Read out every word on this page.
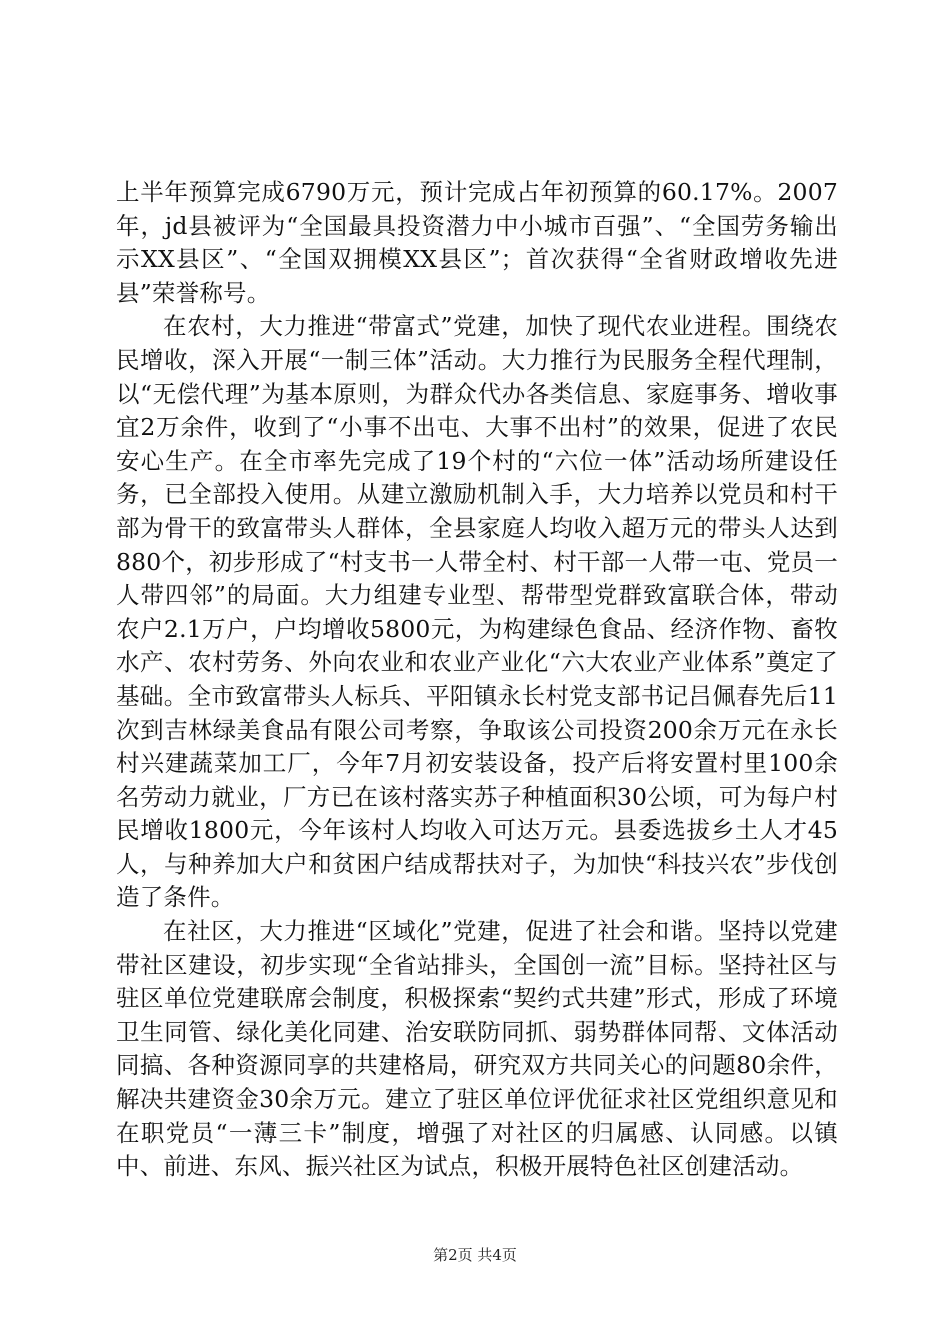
上半年预算完成6790万元，预计完成占年初预算的60.17%。2007年，jd县被评为“全国最具投资潜力中小城市百强”、“全国劳务输出示XX县区”、“全国双拥模XX县区”；首次获得“全省财政增收先进县”荣誉称号。

在农村，大力推进“带富式”党建，加快了现代农业进程。围绕农民增收，深入开展“一制三体”活动。大力推行为民服务全程代理制，以“无偿代理”为基本原则，为群众代办各类信息、家庭事务、增收事宜2万余件，收到了“小事不出屯、大事不出村”的效果，促进了农民安心生产。在全市率先完成了19个村的“六位一体”活动场所建设任务，已全部投入使用。从建立激励机制入手，大力培养以党员和村干部为骨干的致富带头人群体，全县家庭人均收入超万元的带头人达到880个，初步形成了“村支书一人带全村、村干部一人带一屯、党员一人带四邻”的局面。大力组建专业型、帮带型党群致富联合体，带动农户2.1万户，户均增收5800元，为构建绿色食品、经济作物、畜牧水产、农村劳务、外向农业和农业产业化“六大农业产业体系”奠定了基础。全市致富带头人标兵、平阳镇永长村党支部书记吕佩春先后11次到吉林绿美食品有限公司考察，争取该公司投资200余万元在永长村兴建蔬菜加工厂，今年7月初安装设备，投产后将安置村里100余名劳动力就业，厂方已在该村落实苏子种植面积30公顷，可为每户村民增收1800元，今年该村人均收入可达万元。县委选拔乡土人才45人，与种养加大户和贫困户结成帮扶对子，为加快“科技兴农”步伐创造了条件。

在社区，大力推进“区域化”党建，促进了社会和谐。坚持以党建带社区建设，初步实现“全省站排头，全国创一流”目标。坚持社区与驻区单位党建联席会制度，积极探索“契约式共建”形式，形成了环境卫生同管、绿化美化同建、治安联防同抓、弱势群体同帮、文体活动同搞、各种资源同享的共建格局，研究双方共同关心的问题80余件，解决共建资金30余万元。建立了驻区单位评优征求社区党组织意见和在职党员“一薄三卡”制度，增强了对社区的归属感、认同感。以镇中、前进、东风、振兴社区为试点，积极开展特色社区创建活动。

第2页 共4页
